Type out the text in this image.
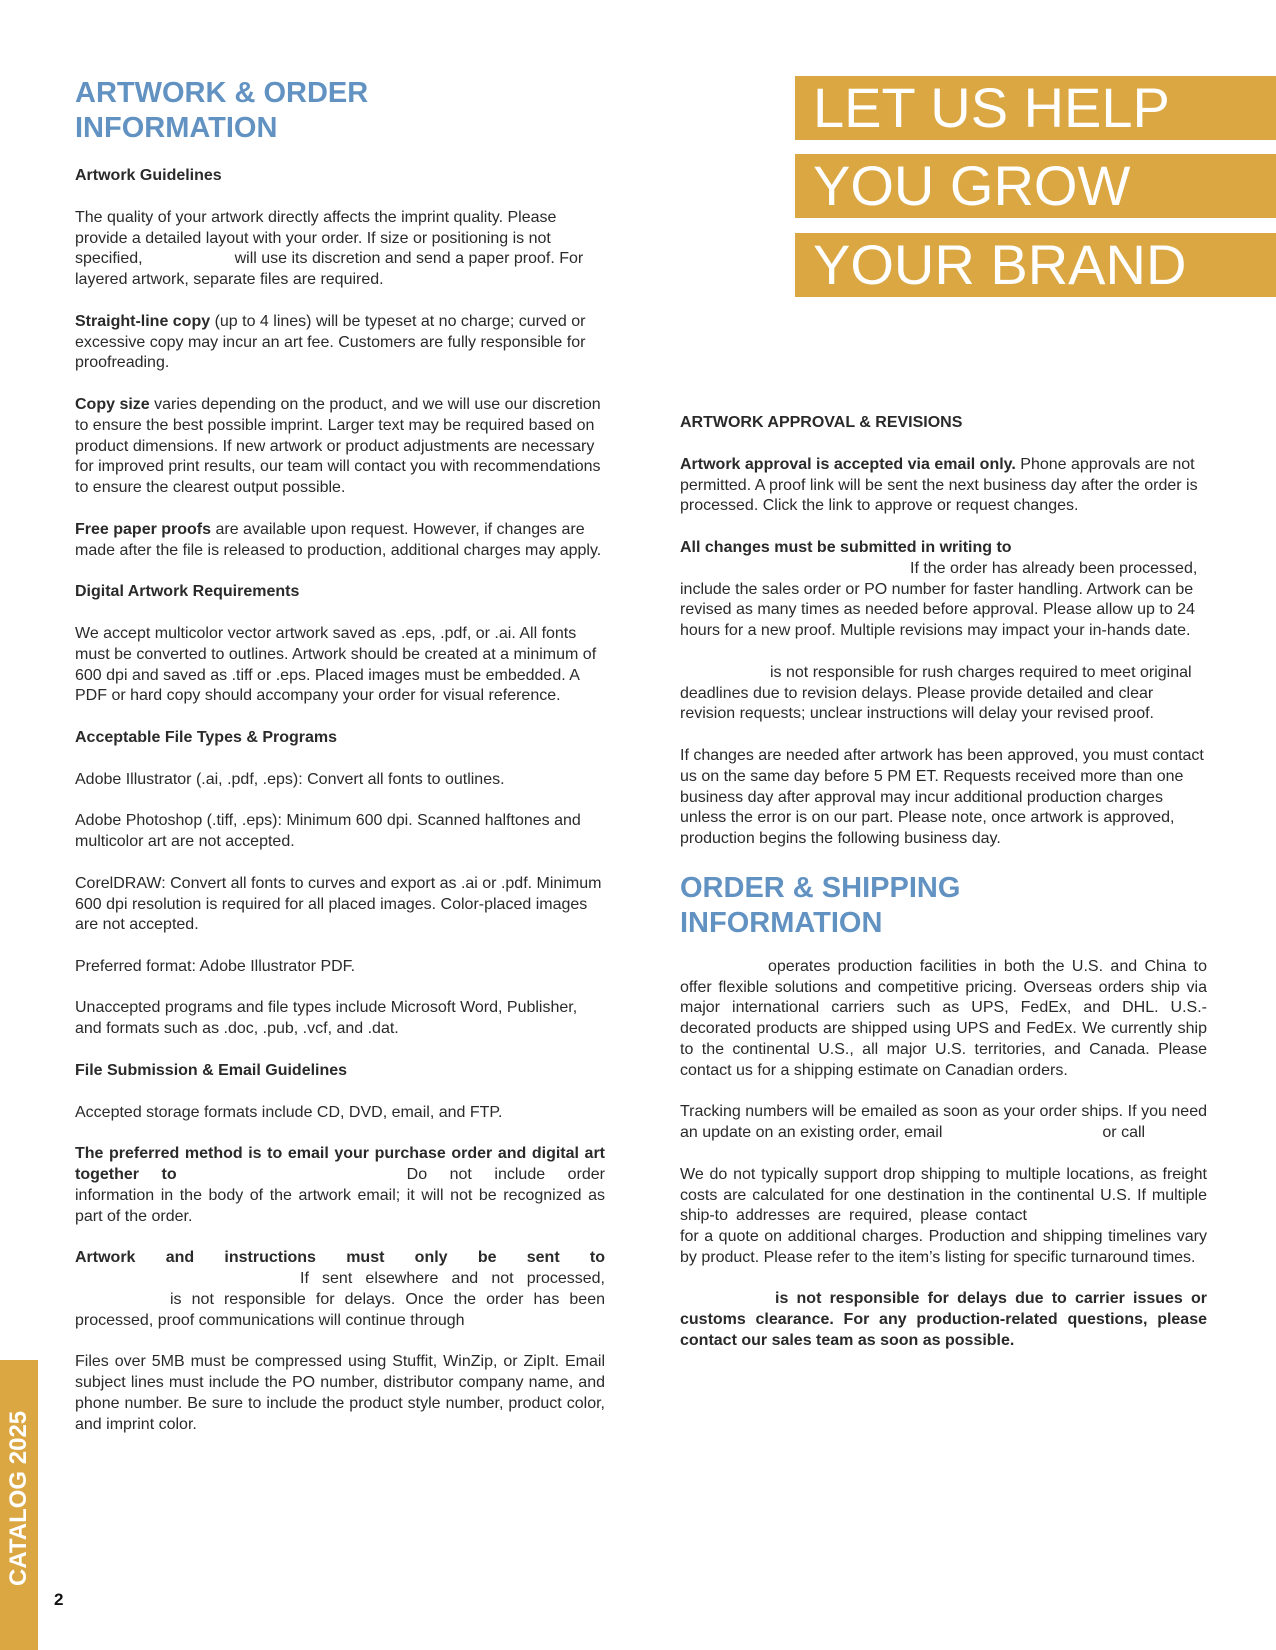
ARTWORK & ORDER INFORMATION
Artwork Guidelines
The quality of your artwork directly affects the imprint quality. Please provide a detailed layout with your order. If size or positioning is not specified,	will use its discretion and send a paper proof. For layered artwork, separate files are required.
Straight-line copy (up to 4 lines) will be typeset at no charge; curved or excessive copy may incur an art fee. Customers are fully responsible for proofreading.
Copy size varies depending on the product, and we will use our discretion to ensure the best possible imprint. Larger text may be required based on product dimensions. If new artwork or product adjustments are necessary for improved print results, our team will contact you with recommendations to ensure the clearest output possible.
Free paper proofs are available upon request. However, if changes are made after the file is released to production, additional charges may apply.
Digital Artwork Requirements
We accept multicolor vector artwork saved as .eps, .pdf, or .ai. All fonts must be converted to outlines. Artwork should be created at a minimum of 600 dpi and saved as .tiff or .eps. Placed images must be embedded. A PDF or hard copy should accompany your order for visual reference.
Acceptable File Types & Programs
Adobe Illustrator (.ai, .pdf, .eps): Convert all fonts to outlines.
Adobe Photoshop (.tiff, .eps): Minimum 600 dpi. Scanned halftones and multicolor art are not accepted.
CorelDRAW: Convert all fonts to curves and export as .ai or .pdf. Minimum 600 dpi resolution is required for all placed images. Color-placed images are not accepted.
Preferred format: Adobe Illustrator PDF.
Unaccepted programs and file types include Microsoft Word, Publisher, and formats such as .doc, .pub, .vcf, and .dat.
File Submission & Email Guidelines
Accepted storage formats include CD, DVD, email, and FTP.
The preferred method is to email your purchase order and digital art together to	Do not include order information in the body of the artwork email; it will not be recognized as part of the order.
Artwork and instructions must only be sent toIf sent elsewhere and not processed,is not responsible for delays. Once the order has been processed, proof communications will continue through
Files over 5MB must be compressed using Stuffit, WinZip, or ZipIt. Email subject lines must include the PO number, distributor company name, and phone number. Be sure to include the product style number, product color, and imprint color.
LET US HELP
YOU GROW
YOUR BRAND
ARTWORK APPROVAL & REVISIONS
Artwork approval is accepted via email only. Phone approvals are not permitted. A proof link will be sent the next business day after the order is processed. Click the link to approve or request changes.
All changes must be submitted in writing toIf the order has already been processed, include the sales order or PO number for faster handling. Artwork can be revised as many times as needed before approval. Please allow up to 24 hours for a new proof. Multiple revisions may impact your in-hands date.
is not responsible for rush charges required to meet original deadlines due to revision delays. Please provide detailed and clear revision requests; unclear instructions will delay your revised proof.
If changes are needed after artwork has been approved, you must contact us on the same day before 5 PM ET. Requests received more than one business day after approval may incur additional production charges unless the error is on our part. Please note, once artwork is approved, production begins the following business day.
ORDER & SHIPPING INFORMATION
operates production facilities in both the U.S. and China to offer flexible solutions and competitive pricing. Overseas orders ship via major international carriers such as UPS, FedEx, and DHL. U.S.-decorated products are shipped using UPS and FedEx. We currently ship to the continental U.S., all major U.S. territories, and Canada. Please contact us for a shipping estimate on Canadian orders.
Tracking numbers will be emailed as soon as your order ships. If you need an update on an existing order, email	or call
We do not typically support drop shipping to multiple locations, as freight costs are calculated for one destination in the continental U.S. If multiple ship-to addresses are required, please contactfor a quote on additional charges. Production and shipping timelines vary by product. Please refer to the item’s listing for specific turnaround times.
is not responsible for delays due to carrier issues or customs clearance. For any production-related questions, please contact our sales team as soon as possible.
CATALOG 2025
2
